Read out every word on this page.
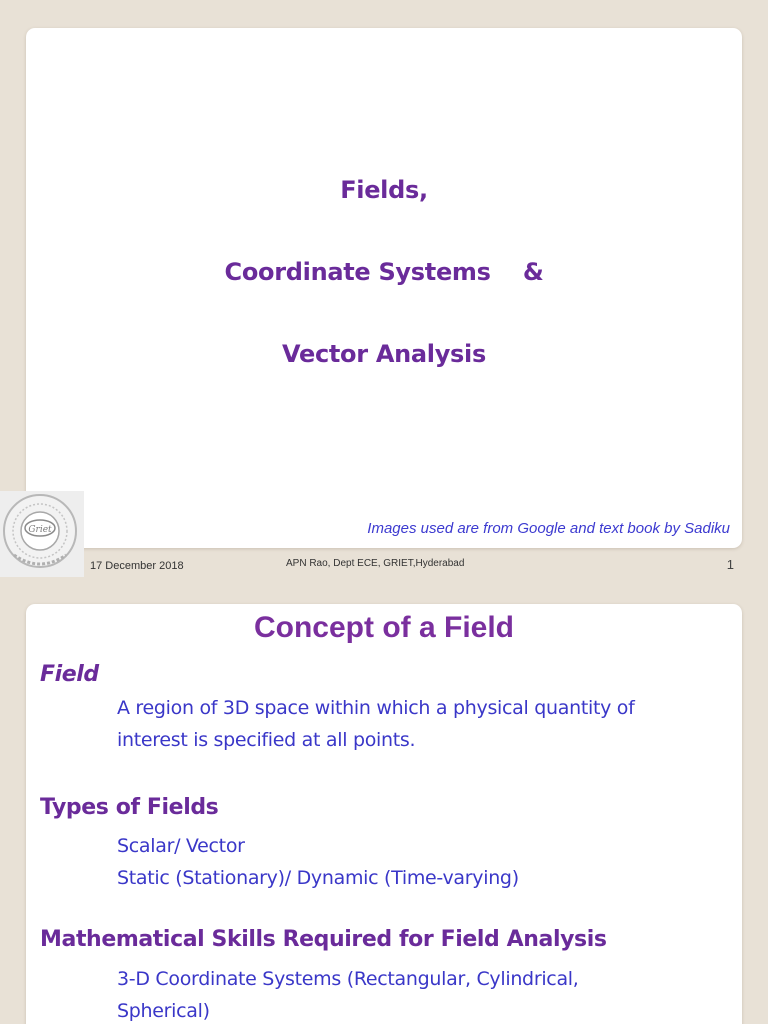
Fields,
Coordinate Systems    &
Vector Analysis
Images used are from Google and text book by Sadiku
Griet
17 December 2018	APN Rao, Dept ECE, GRIET,Hyderabad	1
Concept of a Field
Field
A region of 3D space within which a physical quantity of
interest is specified at all points.
Types of Fields
Scalar/ Vector
Static (Stationary)/ Dynamic (Time-varying)
Mathematical Skills Required for Field Analysis
3-D Coordinate Systems (Rectangular, Cylindrical,
Spherical)
